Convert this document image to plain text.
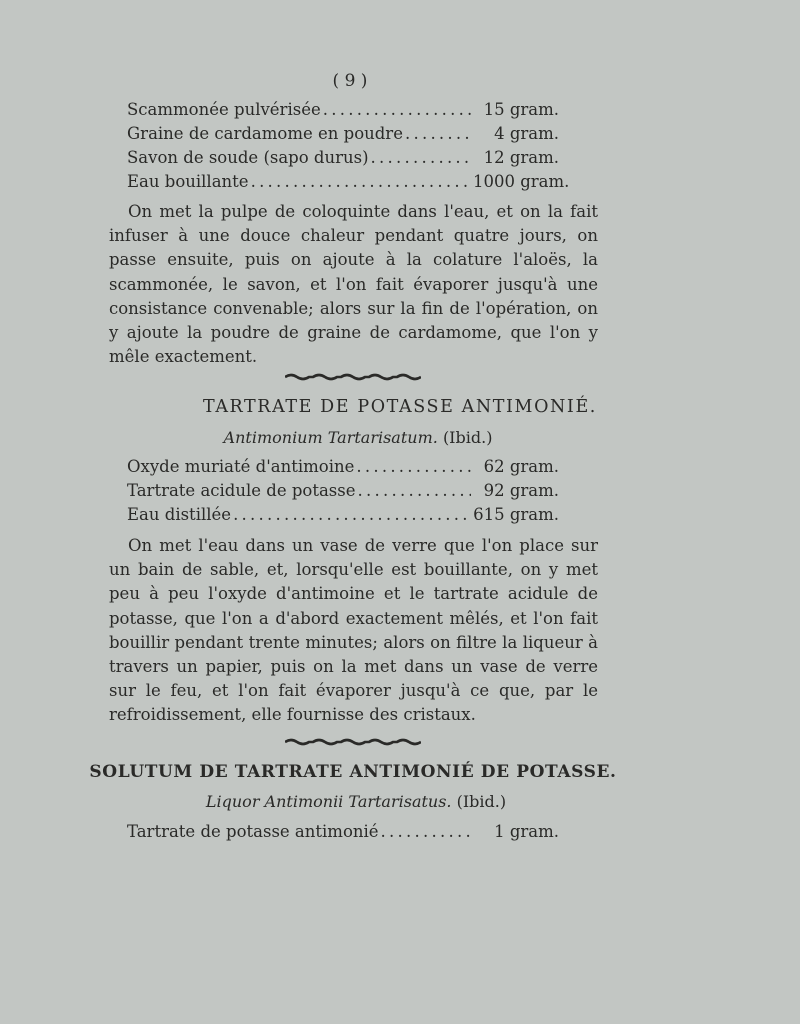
( 9 )
Scammonée pulvérisée . . .	15 gram.
Graine de cardamome en poudre . . .	4 gram.
Savon de soude (sapo durus) . . .	12 gram.
Eau bouillante . . .	1000 gram.

On met la pulpe de coloquinte dans l'eau, et on la fait infuser à une douce chaleur pendant quatre jours, on passe ensuite, puis on ajoute à la colature l'aloës, la scammonée, le savon, et l'on fait évaporer jusqu'à une consistance convenable; alors sur la fin de l'opération, on y ajoute la poudre de graine de cardamome, que l'on y mêle exactement.

TARTRATE DE POTASSE ANTIMONIÉ.
Antimonium Tartarisatum. (Ibid.)
Oxyde muriaté d'antimoine . . .	62 gram.
Tartrate acidule de potasse . . .	92 gram.
Eau distillée . . .	615 gram.

On met l'eau dans un vase de verre que l'on place sur un bain de sable, et, lorsqu'elle est bouillante, on y met peu à peu l'oxyde d'antimoine et le tartrate acidule de potasse, que l'on a d'abord exactement mêlés, et l'on fait bouillir pendant trente minutes; alors on filtre la liqueur à travers un papier, puis on la met dans un vase de verre sur le feu, et l'on fait évaporer jusqu'à ce que, par le refroidissement, elle fournisse des cristaux.

SOLUTUM DE TARTRATE ANTIMONIÉ DE POTASSE.
Liquor Antimonii Tartarisatus. (Ibid.)
Tartrate de potasse antimonié . . .	1 gram.
